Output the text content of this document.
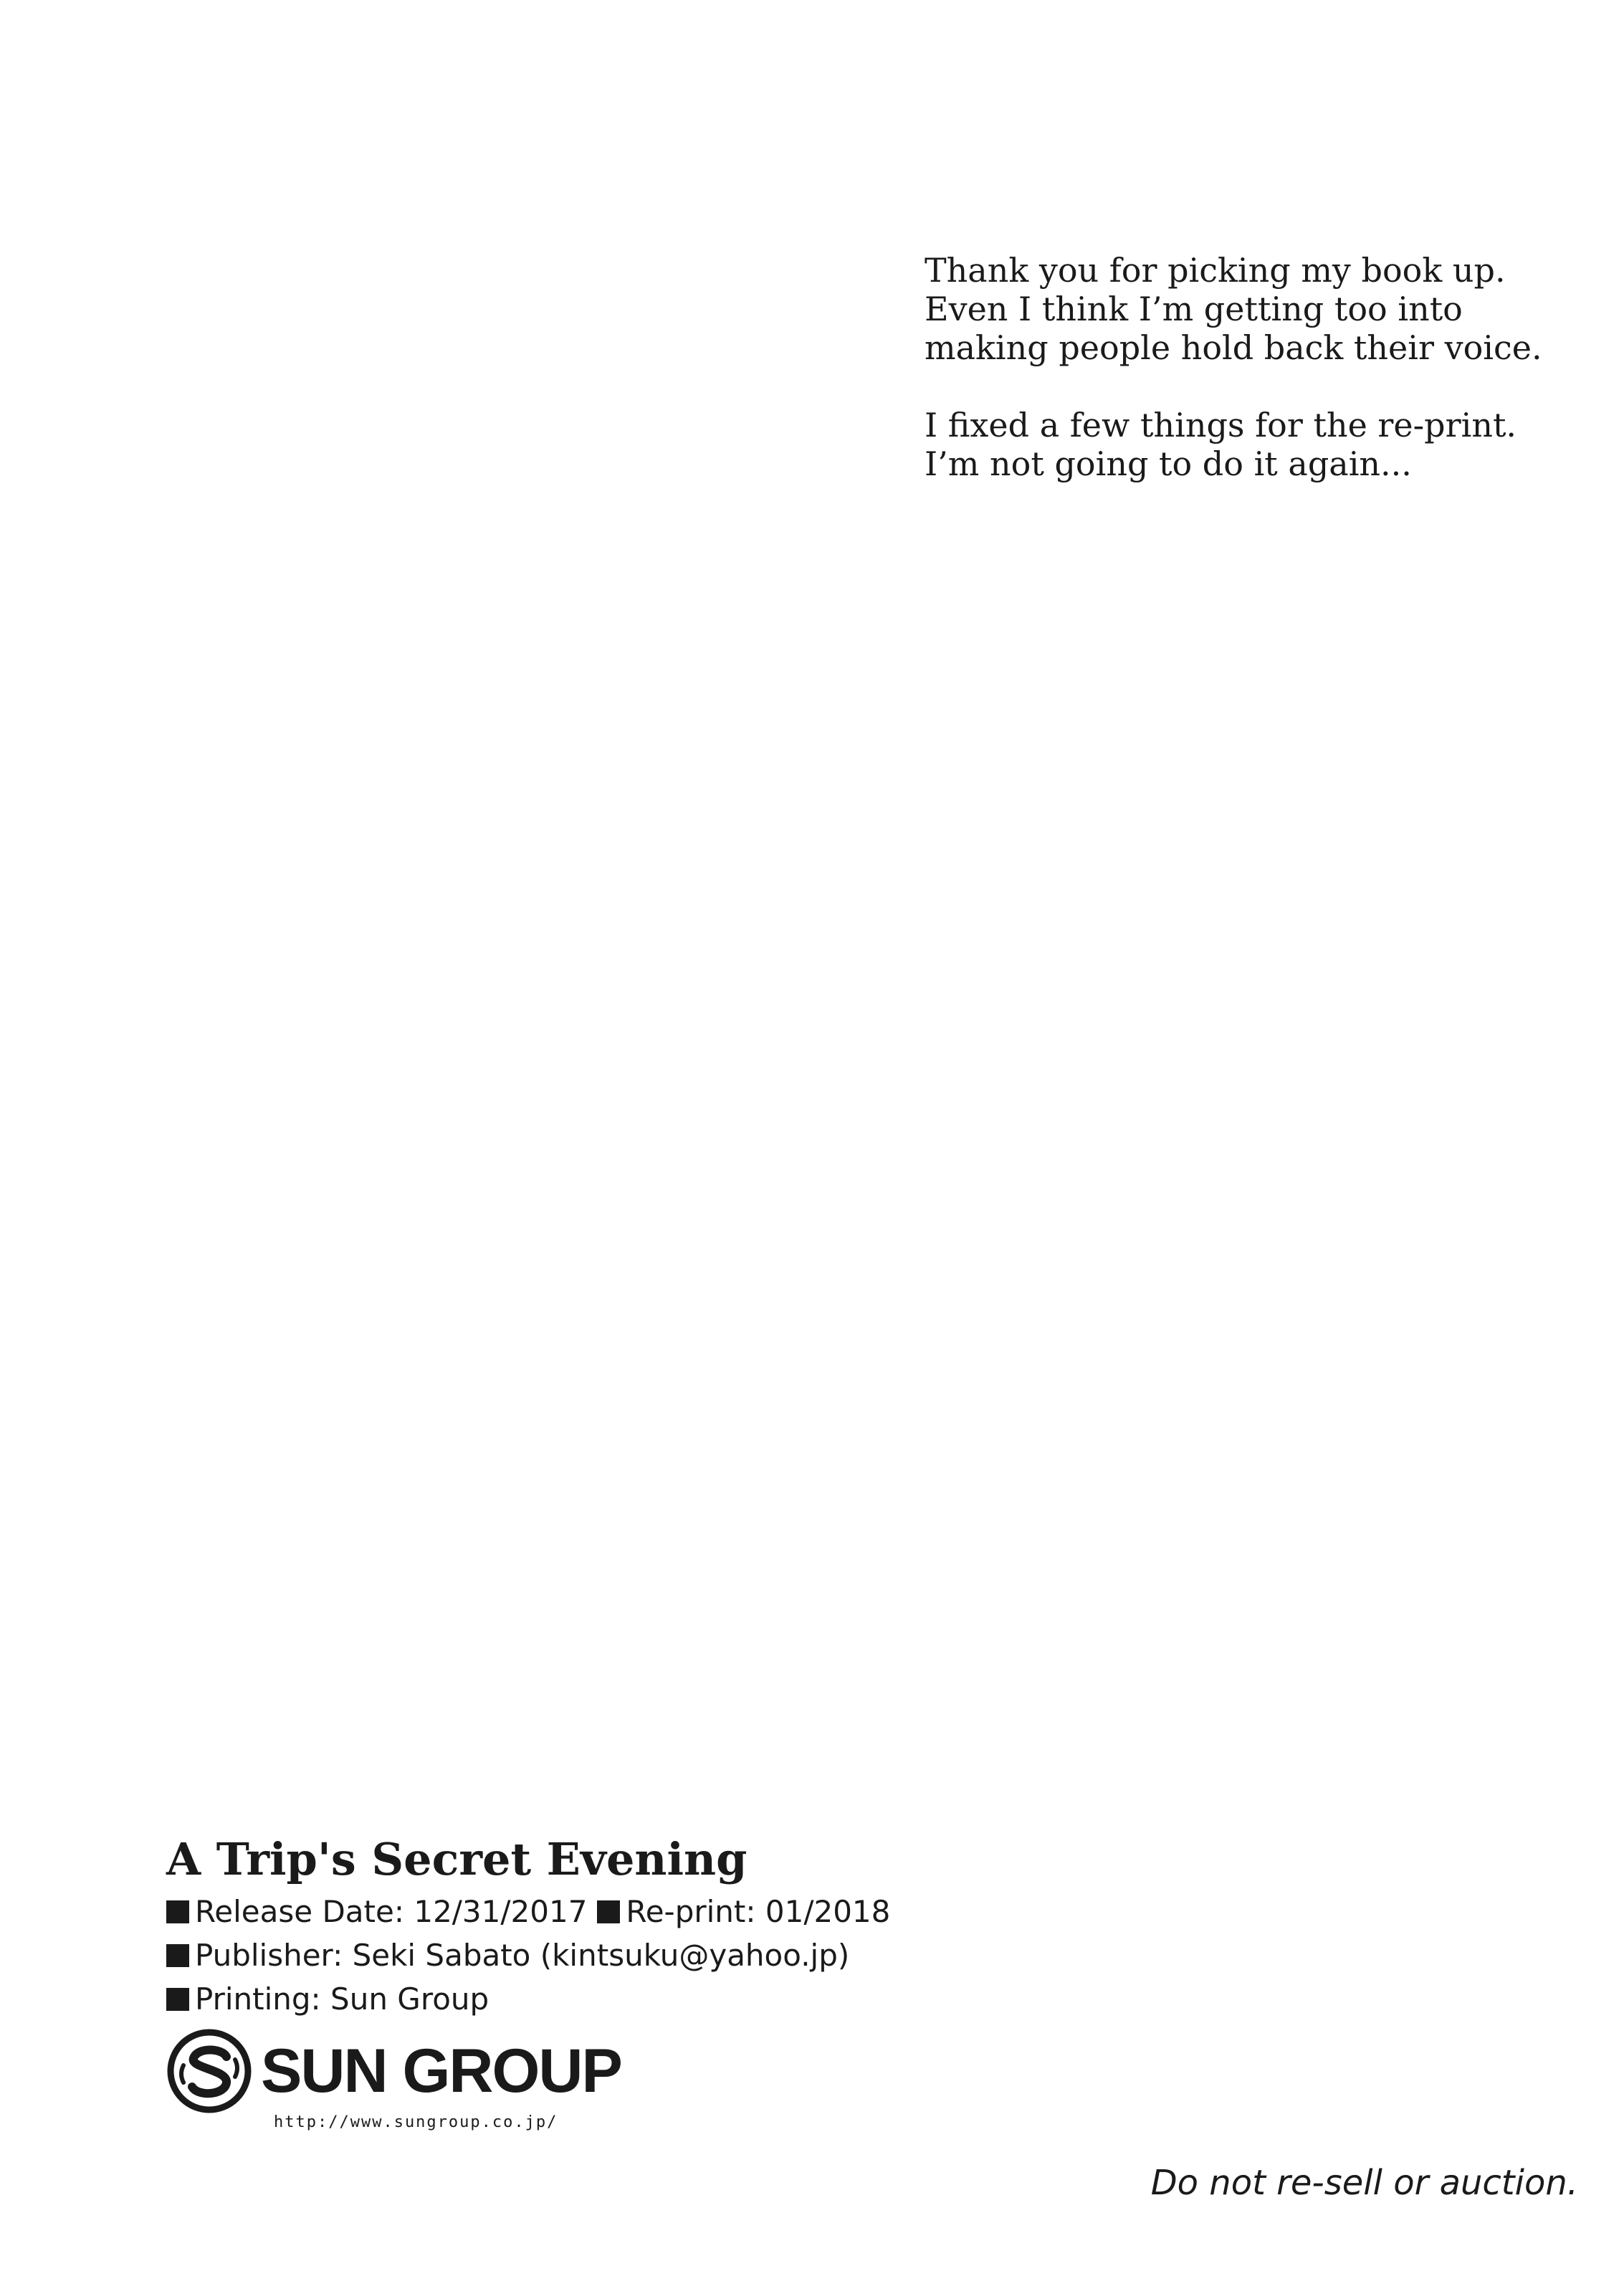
Thank you for picking my book up.
Even I think I’m getting too into
making people hold back their voice.

I fixed a few things for the re-print.
I’m not going to do it again...

A Trip's Secret Evening
Release Date: 12/31/2017 Re-print: 01/2018
Publisher: Seki Sabato (kintsuku@yahoo.jp)
Printing: Sun Group
SUN GROUP
http://www.sungroup.co.jp/
Do not re-sell or auction.
